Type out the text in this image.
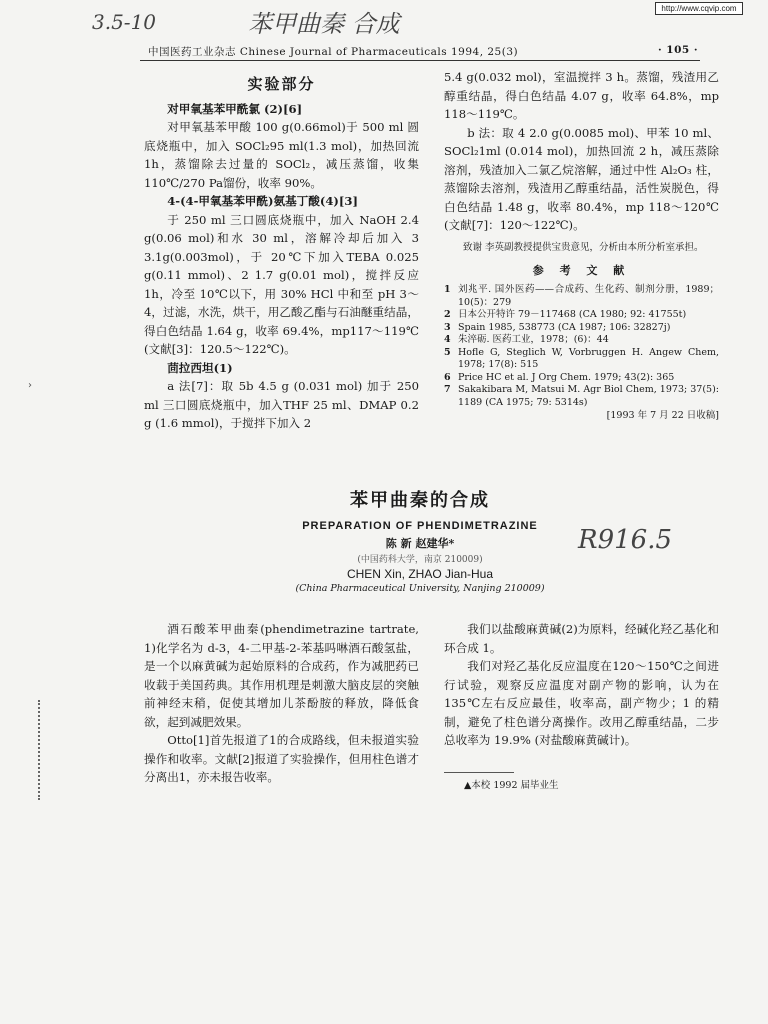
http://www.cqvip.com
3.5-10	苯甲曲秦 合成
R916.5
›
中国医药工业杂志 Chinese Journal of Pharmaceuticals 1994, 25(3)	· 105 ·
实验部分

对甲氧基苯甲酰氯 (2)[6]

对甲氧基苯甲酸 100 g(0.66mol)于 500 ml 圆底烧瓶中，加入 SOCl₂95 ml(1.3 mol)，加热回流1h，蒸馏除去过量的 SOCl₂，减压蒸馏，收集 110℃/270 Pa馏份，收率 90%。

4-(4-甲氧基苯甲酰)氨基丁酸(4)[3]

于 250 ml 三口圆底烧瓶中，加入 NaOH 2.4 g(0.06 mol)和水 30 ml，溶解冷却后加入 3 3.1g(0.003mol)，于 20℃下加入TEBA 0.025 g(0.11 mmol)、2 1.7 g(0.01 mol)，搅拌反应 1h，冷至 10℃以下，用 30% HCl 中和至 pH 3～4，过滤，水洗，烘干，用乙酸乙酯与石油醚重结晶，得白色结晶 1.64 g，收率 69.4%，mp117～119℃(文献[3]：120.5～122℃)。

茴拉西坦(1)

a 法[7]：取 5b 4.5 g (0.031 mol) 加于 250 ml 三口圆底烧瓶中，加入THF 25 ml、DMAP 0.2 g (1.6 mmol)，于搅拌下加入 2

5.4 g(0.032 mol)，室温搅拌 3 h。蒸馏，残渣用乙醇重结晶，得白色结晶 4.07 g，收率 64.8%，mp 118～119℃。

b 法：取 4 2.0 g(0.0085 mol)、甲苯 10 ml、SOCl₂1ml (0.014 mol)，加热回流 2 h，减压蒸除溶剂，残渣加入二氯乙烷溶解，通过中性 Al₂O₃ 柱，蒸馏除去溶剂，残渣用乙醇重结晶，活性炭脱色，得白色结晶 1.48 g，收率 80.4%，mp 118～120℃ (文献[7]：120～122℃)。

致谢 李英副教授提供宝贵意见，分析由本所分析室承担。

参 考 文 献
1 刘兆平. 国外医药——合成药、生化药、制剂分册，1989；10(5)：279
2 日本公开特许 79－117468 (CA 1980; 92: 41755t)
3 Spain 1985, 538773 (CA 1987; 106: 32827j)
4 朱淬砺. 医药工业，1978；(6)：44
5 Hofle G, Steglich W, Vorbruggen H. Angew Chem, 1978; 17(8): 515
6 Price HC et al. J Org Chem. 1979; 43(2): 365
7 Sakakibara M, Matsui M. Agr Biol Chem, 1973; 37(5): 1189 (CA 1975; 79: 5314s)
[1993 年 7 月 22 日收稿]
苯甲曲秦的合成
PREPARATION OF PHENDIMETRAZINE
陈 新 赵建华*
(中国药科大学，南京 210009)
CHEN Xin, ZHAO Jian-Hua
(China Pharmaceutical University, Nanjing 210009)

酒石酸苯甲曲秦(phendimetrazine tartrate, 1)化学名为 d-3，4-二甲基-2-苯基吗啉酒石酸氢盐，是一个以麻黄碱为起始原料的合成药，作为减肥药已收载于美国药典。其作用机理是刺激大脑皮层的突触前神经末稍，促使其增加儿茶酚胺的释放，降低食欲，起到减肥效果。

Otto[1]首先报道了1的合成路线，但未报道实验操作和收率。文献[2]报道了实验操作，但用柱色谱才分离出1，亦未报告收率。

我们以盐酸麻黄碱(2)为原料，经碱化羟乙基化和环合成 1。

我们对羟乙基化反应温度在120～150℃之间进行试验，观察反应温度对副产物的影响，认为在 135℃左右反应最佳，收率高，副产物少；1 的精制，避免了柱色谱分离操作。改用乙醇重结晶，二步总收率为 19.9% (对盐酸麻黄碱计)。

▲本校 1992 届毕业生
